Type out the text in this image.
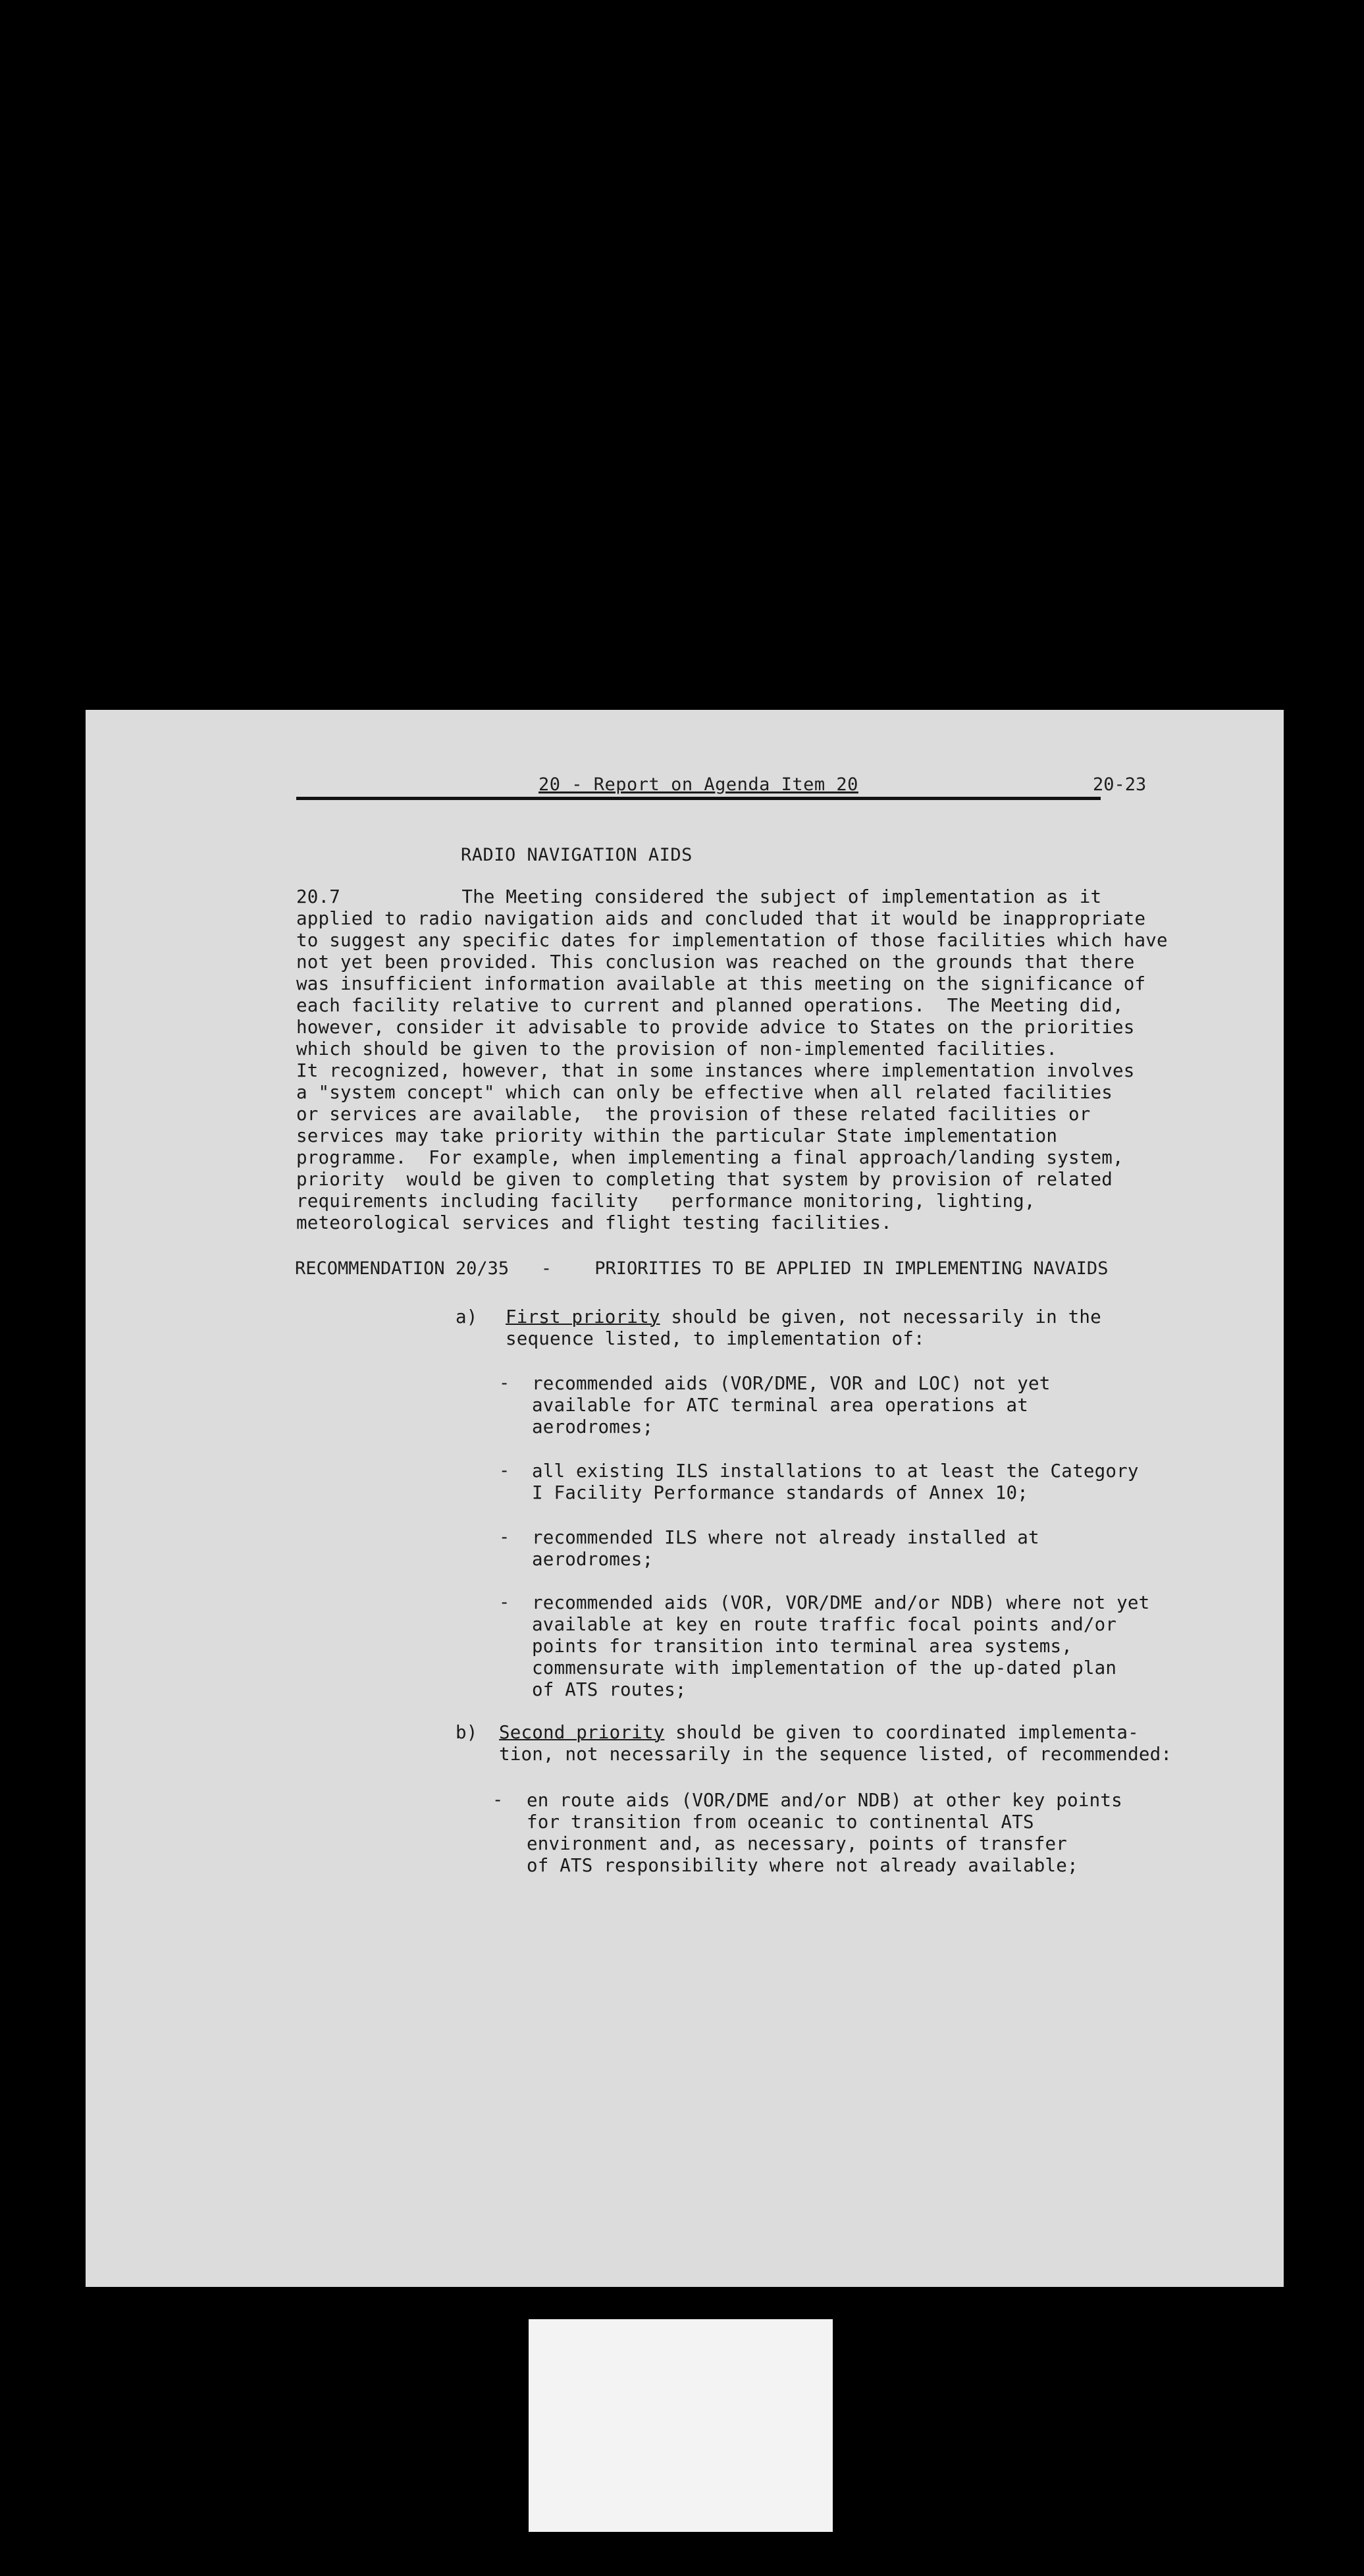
20 - Report on Agenda Item 20	20-23
RADIO NAVIGATION AIDS
20.7	The Meeting considered the subject of implementation as it
applied to radio navigation aids and concluded that it would be inappropriate
to suggest any specific dates for implementation of those facilities which have
not yet been provided. This conclusion was reached on the grounds that there
was insufficient information available at this meeting on the significance of
each facility relative to current and planned operations.  The Meeting did,
however, consider it advisable to provide advice to States on the priorities
which should be given to the provision of non-implemented facilities.
It recognized, however, that in some instances where implementation involves
a "system concept" which can only be effective when all related facilities
or services are available,  the provision of these related facilities or
services may take priority within the particular State implementation
programme.  For example, when implementing a final approach/landing system,
priority  would be given to completing that system by provision of related
requirements including facility   performance monitoring, lighting,
meteorological services and flight testing facilities.
RECOMMENDATION 20/35 - PRIORITIES TO BE APPLIED IN IMPLEMENTING NAVAIDS
a) First priority should be given, not necessarily in the
sequence listed, to implementation of:
- recommended aids (VOR/DME, VOR and LOC) not yet
available for ATC terminal area operations at
aerodromes;
- all existing ILS installations to at least the Category
I Facility Performance standards of Annex 10;
- recommended ILS where not already installed at
aerodromes;
- recommended aids (VOR, VOR/DME and/or NDB) where not yet
available at key en route traffic focal points and/or
points for transition into terminal area systems,
commensurate with implementation of the up-dated plan
of ATS routes;
b) Second priority should be given to coordinated implementa-
tion, not necessarily in the sequence listed, of recommended:
- en route aids (VOR/DME and/or NDB) at other key points
for transition from oceanic to continental ATS
environment and, as necessary, points of transfer
of ATS responsibility where not already available;
